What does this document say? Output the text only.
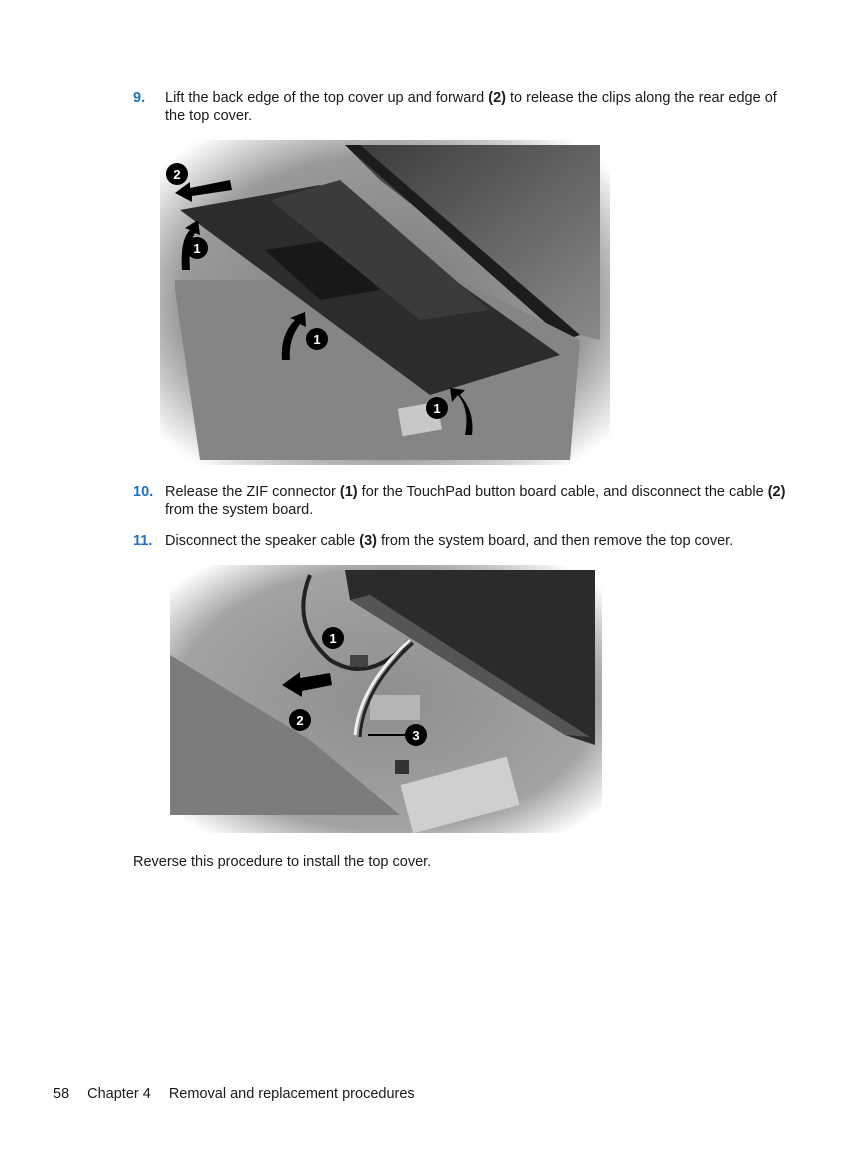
9. Lift the back edge of the top cover up and forward (2) to release the clips along the rear edge of the top cover.
2
1
1
1
10. Release the ZIF connector (1) for the TouchPad button board cable, and disconnect the cable (2) from the system board.
11. Disconnect the speaker cable (3) from the system board, and then remove the top cover.
1
2
3
Reverse this procedure to install the top cover.
58 Chapter 4 Removal and replacement procedures
